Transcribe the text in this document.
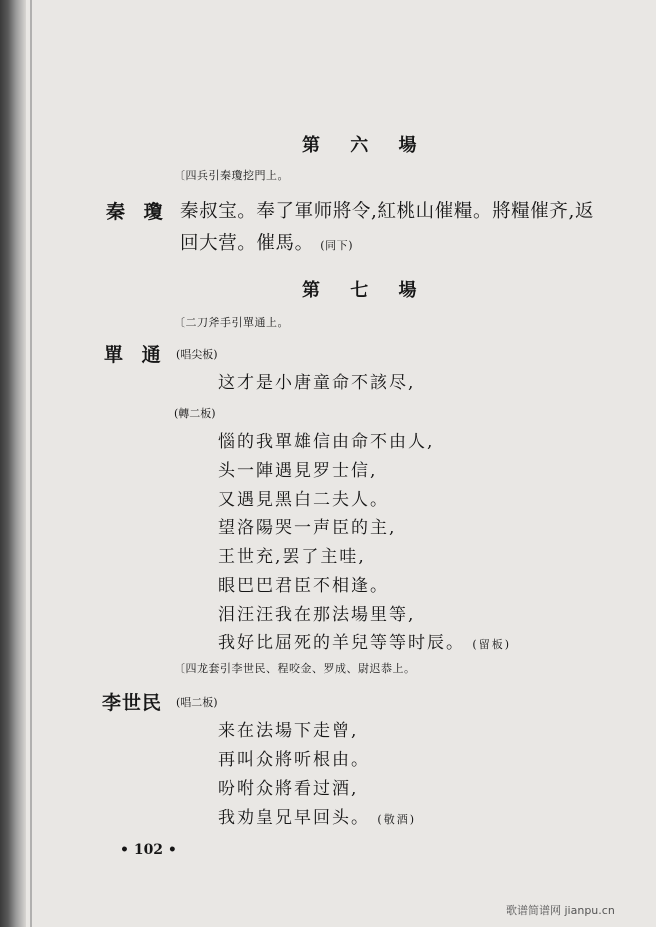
第 六 場
〔四兵引秦瓊挖門上。
秦 瓊 秦叔宝。奉了軍师將令,紅桃山催糧。將糧催齐,返
回大营。催馬。 (同下)
第 七 場
〔二刀斧手引單通上。
單 通 (唱尖板)
这才是小唐童命不該尽,
(轉二板)
惱的我單雄信由命不由人,
头一陣遇見罗士信,
又遇見黑白二夫人。
望洛陽哭一声臣的主,
王世充,罢了主哇,
眼巴巴君臣不相逢。
泪汪汪我在那法場里等,
我好比屈死的羊兒等等时辰。 (留板)
〔四龙套引李世民、程咬金、罗成、尉迟恭上。
李世民 (唱二板)
来在法場下走曾,
再叫众將听根由。
吩咐众將看过酒,
我劝皇兄早回头。 (敬酒)
• 102 •
歌谱简谱网 jianpu.cn
